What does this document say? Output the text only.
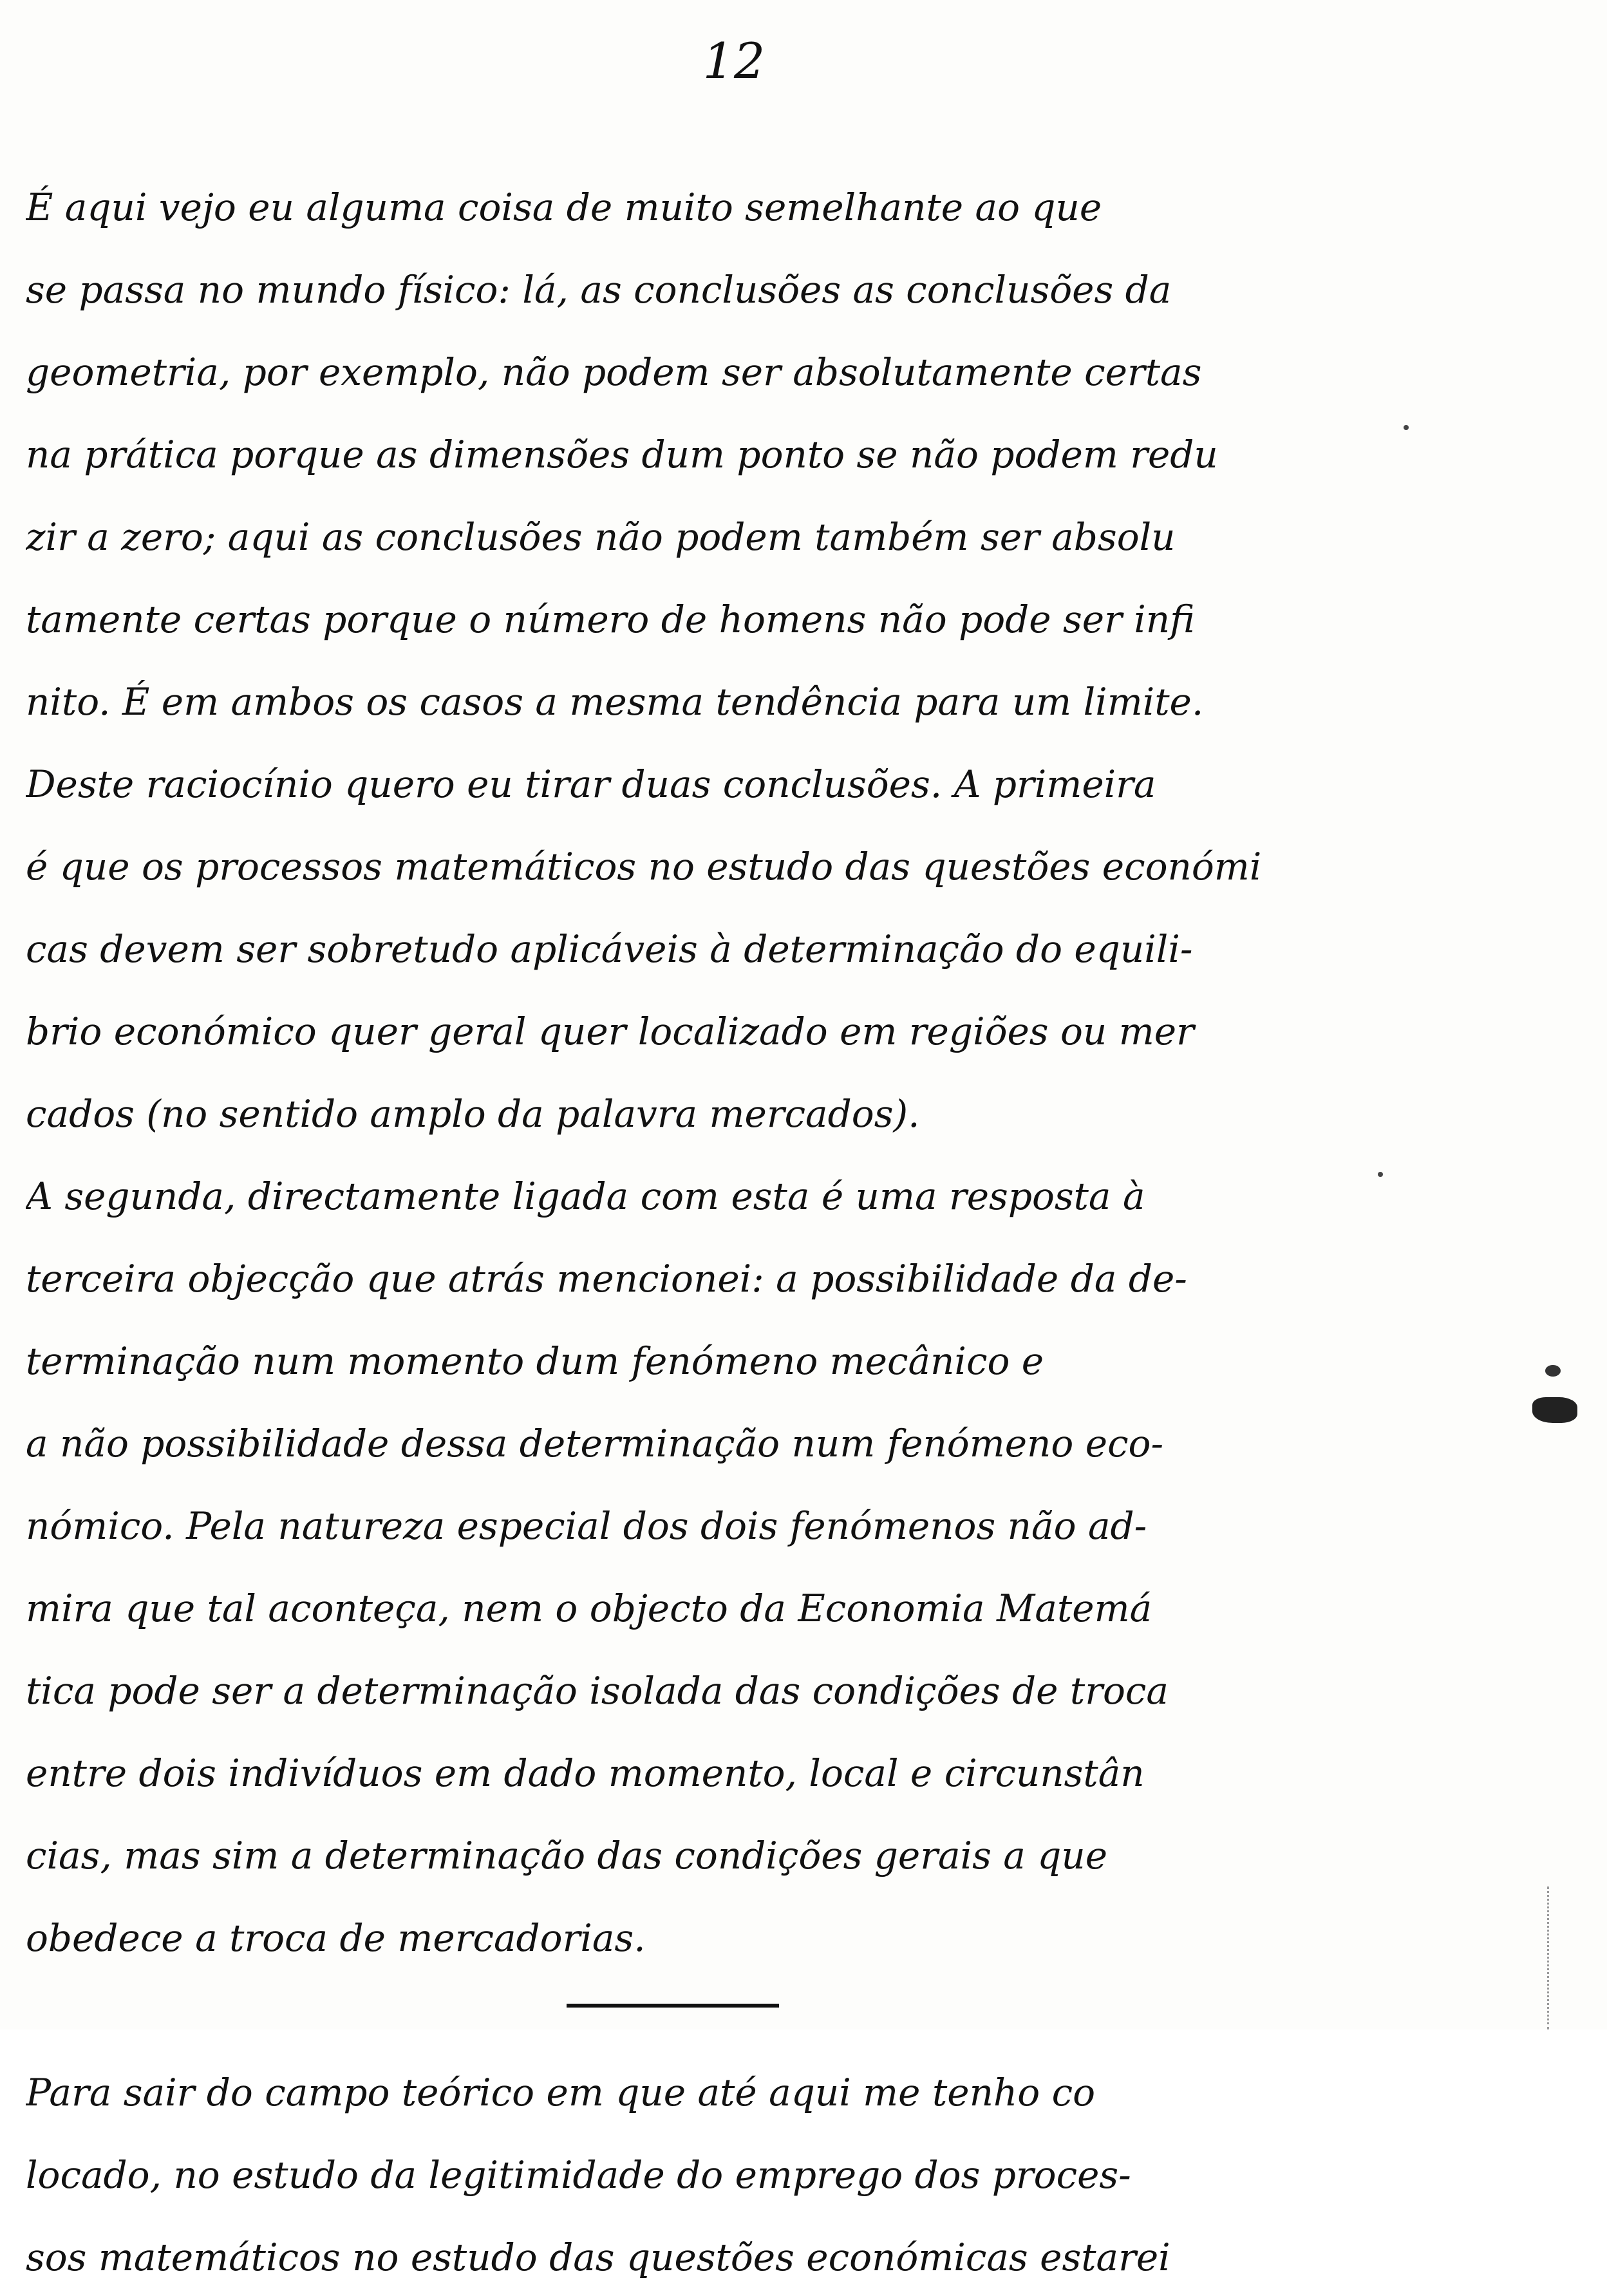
12
É aqui vejo eu alguma coisa de muito semelhante ao que
se passa no mundo físico: lá, as conclusões as conclusões da
geometria, por exemplo, não podem ser absolutamente certas
na prática porque as dimensões dum ponto se não podem redu
zir a zero; aqui as conclusões não podem também ser absolu
tamente certas porque o número de homens não pode ser infi
nito. É em ambos os casos a mesma tendência para um limite.
Deste raciocínio quero eu tirar duas conclusões. A primeira
é que os processos matemáticos no estudo das questões económi
cas devem ser sobretudo aplicáveis à determinação do equili-
brio económico quer geral quer localizado em regiões ou mer
cados (no sentido amplo da palavra mercados).
A segunda, directamente ligada com esta é uma resposta à
terceira objecção que atrás mencionei: a possibilidade da de-
terminação num momento dum fenómeno mecânico e
a não possibilidade dessa determinação num fenómeno eco-
nómico. Pela natureza especial dos dois fenómenos não ad-
mira que tal aconteça, nem o objecto da Economia Matemá
tica pode ser a determinação isolada das condições de troca
entre dois indivíduos em dado momento, local e circunstân
cias, mas sim a determinação das condições gerais a que
obedece a troca de mercadorias.
Para sair do campo teórico em que até aqui me tenho co
locado, no estudo da legitimidade do emprego dos proces-
sos matemáticos no estudo das questões económicas estarei
